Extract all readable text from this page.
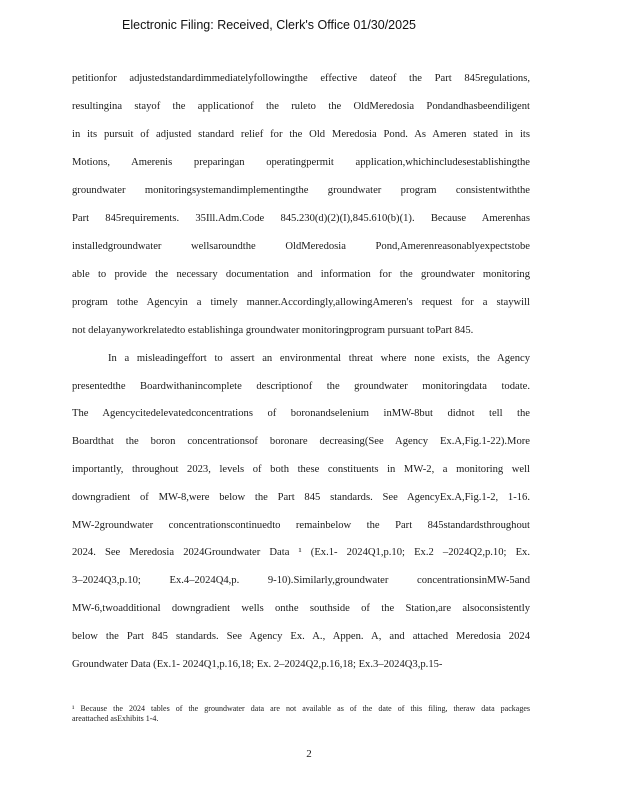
Electronic Filing: Received, Clerk's Office 01/30/2025
petitionfor adjustedstandardimmediatelyfollowingthe effective dateof the Part 845regulations,
resultingina stayof the applicationof the ruleto the OldMeredosia Pondandhasbeendiligent
in its pursuit of adjusted standard relief for the Old Meredosia Pond. As Ameren stated in its
Motions, Amerenis preparingan operatingpermit application,whichincludesestablishingthe
groundwater monitoringsystemandimplementingthe groundwater program consistentwiththe
Part 845requirements. 35Ill.Adm.Code 845.230(d)(2)(I),845.610(b)(1). Because Amerenhas
installedgroundwater wellsaroundthe OldMeredosia Pond,Amerenreasonablyexpectstobe
able to provide the necessary documentation and information for the groundwater monitoring
program tothe Agencyin a timely manner.Accordingly,allowingAmeren's request for a staywill
not delayanyworkrelatedto establishinga groundwater monitoringprogram pursuant toPart 845.
In a misleadingeffort to assert an environmental threat where none exists, the Agency
presentedthe Boardwithanincomplete descriptionof the groundwater monitoringdata todate.
The Agencycitedelevatedconcentrations of boronandselenium inMW-8but didnot tell the
Boardthat the boron concentrationsof boronare decreasing(See Agency Ex.A,Fig.1-22).More
importantly, throughout 2023, levels of both these constituents in MW-2, a monitoring well
downgradient of MW-8,were below the Part 845 standards. See AgencyEx.A,Fig.1-2, 1-16.
MW-2groundwater concentrationscontinuedto remainbelow the Part 845standardsthroughout
2024. See Meredosia 2024Groundwater Data ¹ (Ex.1- 2024Q1,p.10; Ex.2 –2024Q2,p.10; Ex.
3–2024Q3,p.10; Ex.4–2024Q4,p. 9-10).Similarly,groundwater concentrationsinMW-5and
MW-6,twoadditional downgradient wells onthe southside of the Station,are alsoconsistently
below the Part 845 standards. See Agency Ex. A., Appen. A, and attached Meredosia 2024
Groundwater Data (Ex.1- 2024Q1,p.16,18; Ex. 2–2024Q2,p.16,18; Ex.3–2024Q3,p.15-
¹ Because the 2024 tables of the groundwater data are not available as of the date of this filing, theraw data packages
areattached asExhibits 1-4.
2
